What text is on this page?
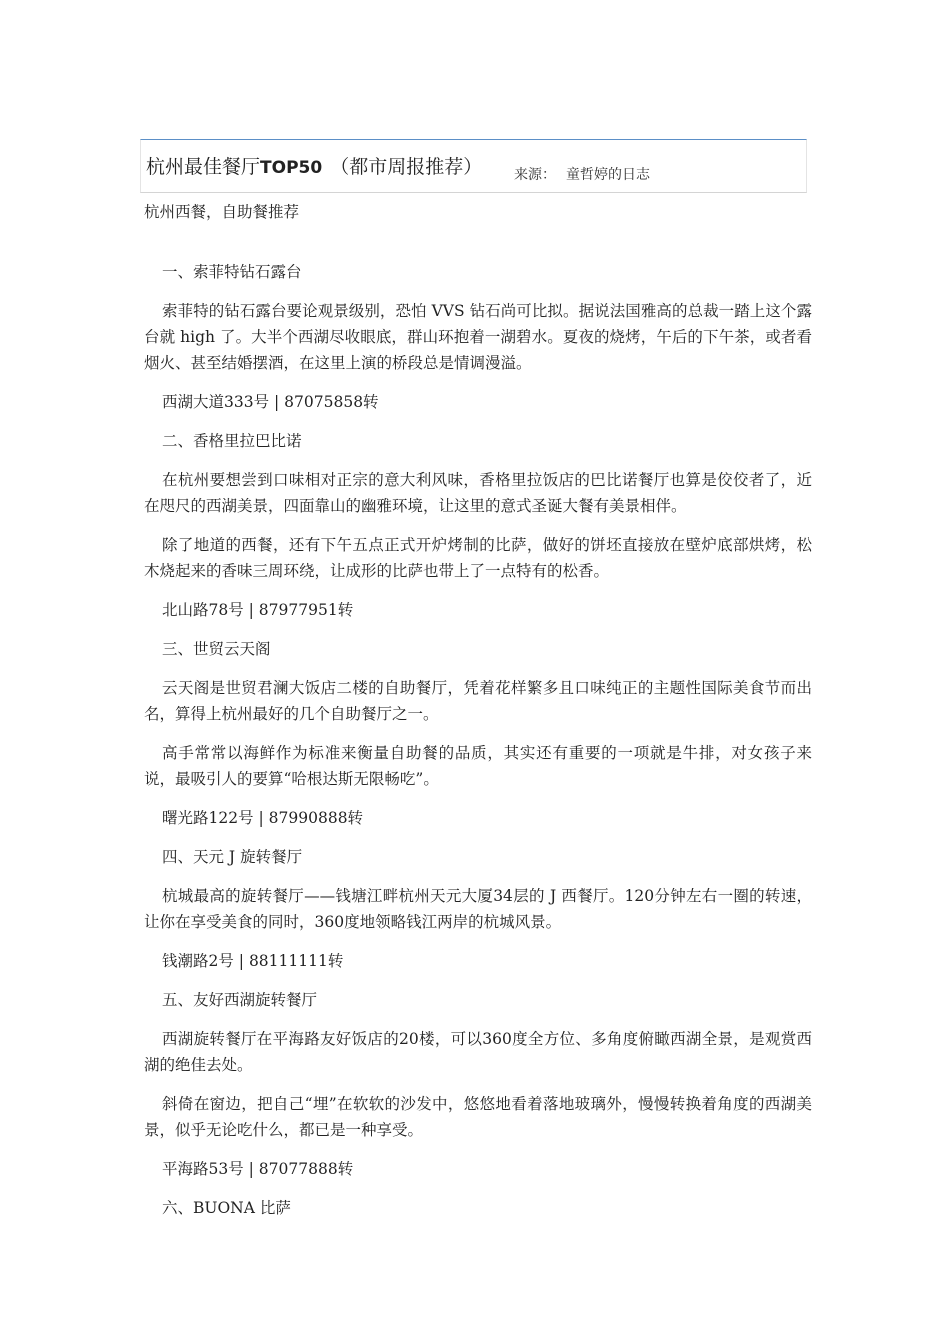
杭州最佳餐厅TOP50 （都市周报推荐） 来源： 童哲婷的日志
杭州西餐，自助餐推荐

一、索菲特钻石露台

索菲特的钻石露台要论观景级别，恐怕 VVS 钻石尚可比拟。据说法国雅高的总裁一踏上这个露台就 high 了。大半个西湖尽收眼底，群山环抱着一湖碧水。夏夜的烧烤，午后的下午茶，或者看烟火、甚至结婚摆酒，在这里上演的桥段总是情调漫溢。

西湖大道333号 | 87075858转

二、香格里拉巴比诺

在杭州要想尝到口味相对正宗的意大利风味，香格里拉饭店的巴比诺餐厅也算是佼佼者了，近在咫尺的西湖美景，四面靠山的幽雅环境，让这里的意式圣诞大餐有美景相伴。

除了地道的西餐，还有下午五点正式开炉烤制的比萨，做好的饼坯直接放在壁炉底部烘烤，松木烧起来的香味三周环绕，让成形的比萨也带上了一点特有的松香。

北山路78号 | 87977951转

三、世贸云天阁

云天阁是世贸君澜大饭店二楼的自助餐厅，凭着花样繁多且口味纯正的主题性国际美食节而出名，算得上杭州最好的几个自助餐厅之一。

高手常常以海鲜作为标准来衡量自助餐的品质，其实还有重要的一项就是牛排，对女孩子来说，最吸引人的要算“哈根达斯无限畅吃”。

曙光路122号 | 87990888转

四、天元 J 旋转餐厅

杭城最高的旋转餐厅——钱塘江畔杭州天元大厦34层的 J 西餐厅。120分钟左右一圈的转速，让你在享受美食的同时，360度地领略钱江两岸的杭城风景。

钱潮路2号 | 88111111转

五、友好西湖旋转餐厅

西湖旋转餐厅在平海路友好饭店的20楼，可以360度全方位、多角度俯瞰西湖全景，是观赏西湖的绝佳去处。

斜倚在窗边，把自己“埋”在软软的沙发中，悠悠地看着落地玻璃外，慢慢转换着角度的西湖美景，似乎无论吃什么，都已是一种享受。

平海路53号 | 87077888转

六、BUONA 比萨
